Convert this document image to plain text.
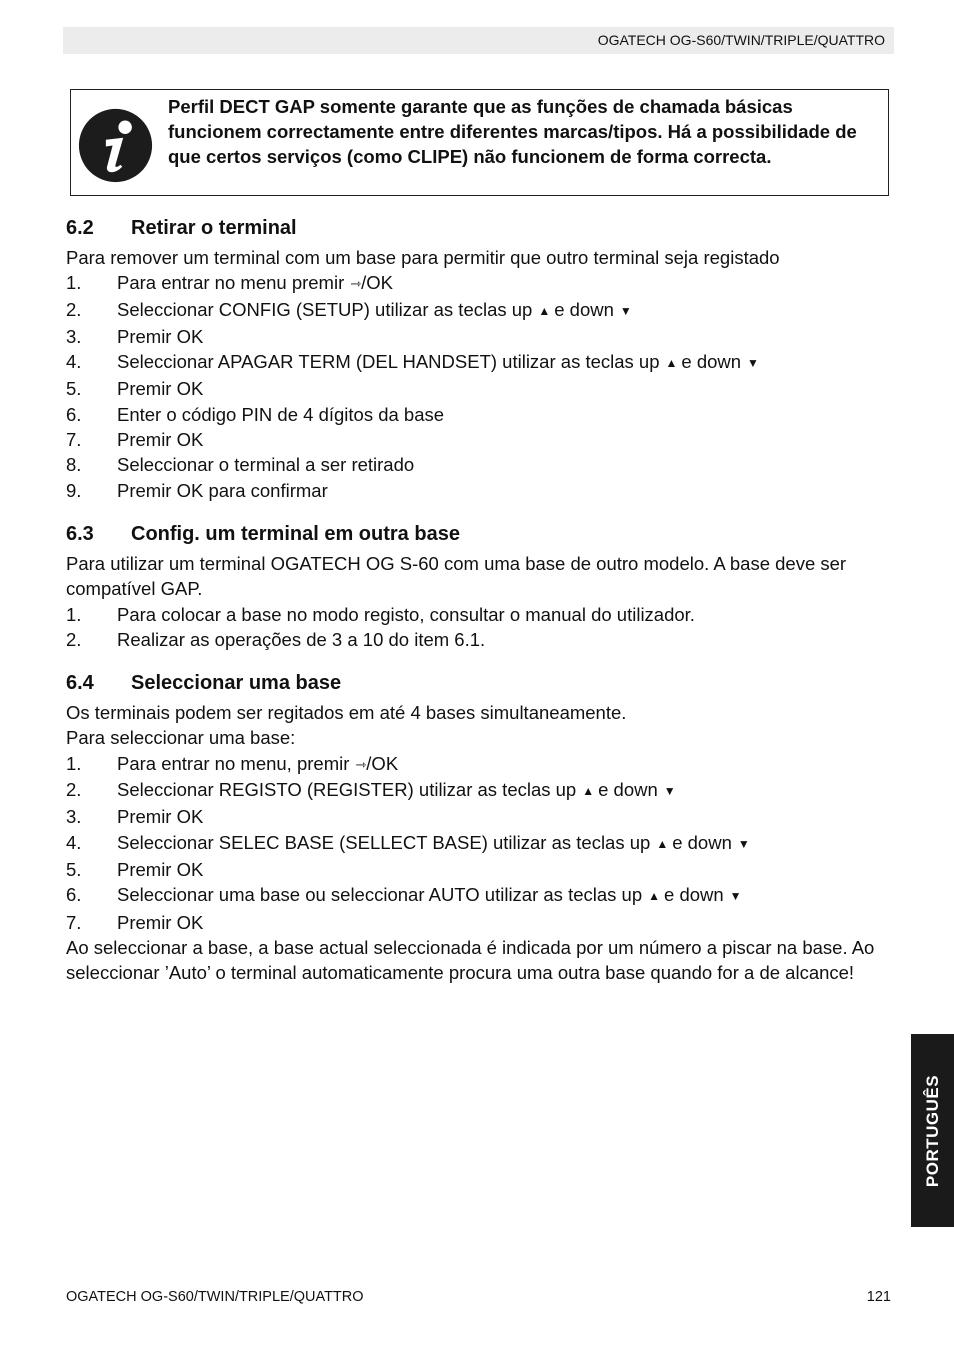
OGATECH OG-S60/TWIN/TRIPLE/QUATTRO
Perfil DECT GAP somente garante que as funções de chamada básicas funcionem correctamente entre diferentes marcas/tipos. Há a possibilidade de que certos serviços (como CLIPE) não funcionem de forma correcta.
6.2	Retirar o terminal

Para remover um terminal com um base para permitir que outro terminal seja registado

1.	Para entrar no menu premir ⇾/OK
2.	Seleccionar CONFIG (SETUP) utilizar as teclas up ▲ e down ▼
3.	Premir OK
4.	Seleccionar APAGAR TERM (DEL HANDSET) utilizar as teclas up ▲ e down ▼
5.	Premir OK
6.	Enter o código PIN de 4 dígitos da base
7.	Premir OK
8.	Seleccionar o terminal a ser retirado
9.	Premir OK para confirmar
6.3	Config. um terminal em outra base

Para utilizar um terminal OGATECH OG S-60 com uma base de outro modelo. A base deve ser compatível GAP.

1.	Para colocar a base no modo registo, consultar o manual do utilizador.
2.	Realizar as operações de 3 a 10 do item 6.1.
6.4	Seleccionar uma base

Os terminais podem ser regitados em até 4 bases simultaneamente.

Para seleccionar uma base:

1.	Para entrar no menu, premir ⇾/OK
2.	Seleccionar REGISTO (REGISTER) utilizar as teclas up ▲ e down ▼
3.	Premir OK
4.	Seleccionar SELEC BASE (SELLECT BASE) utilizar as teclas up ▲ e down ▼
5.	Premir OK
6.	Seleccionar uma base ou seleccionar AUTO utilizar as teclas up ▲ e down ▼
7.	Premir OK

Ao seleccionar a base, a base actual seleccionada é indicada por um número a piscar na base. Ao seleccionar ’Auto’ o terminal automaticamente procura uma outra base quando for a de alcance!

PORTUGUÊS
OGATECH OG-S60/TWIN/TRIPLE/QUATTRO	121
